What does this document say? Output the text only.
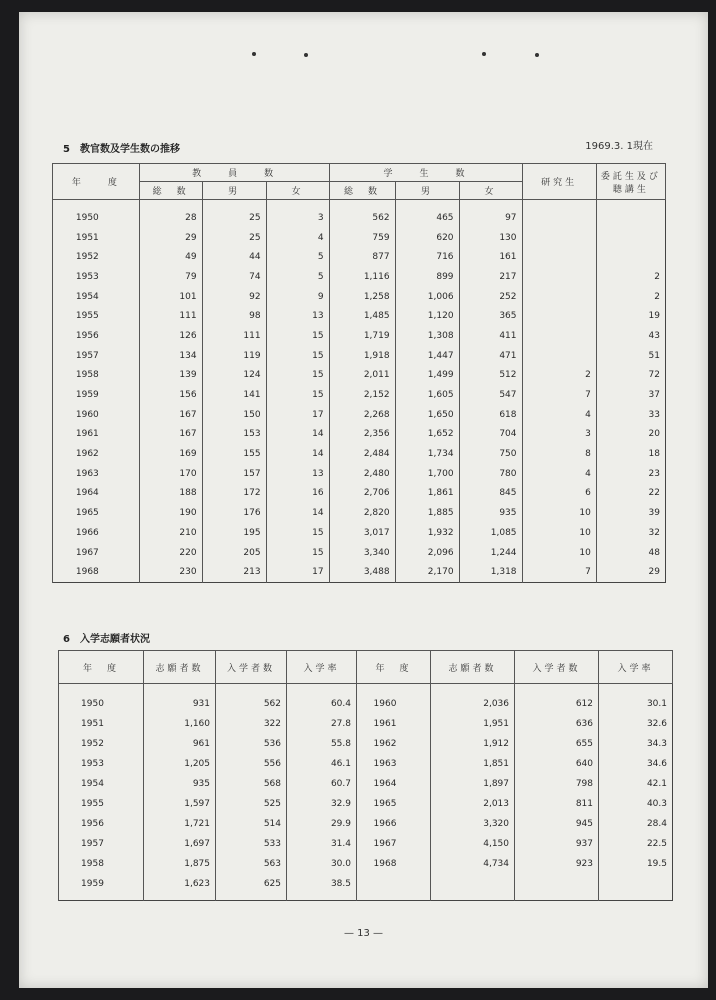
5　教官数及学生数の推移	1969.3. 1現在
年　　度	教　　員　　数			学　　生　　数			研究生	委託生及び聴講生
	総　数	男	女	総　数	男	女		
1950	28	25	3	562	465	97		
1951	29	25	4	759	620	130		
1952	49	44	5	877	716	161		
1953	79	74	5	1,116	899	217		2
1954	101	92	9	1,258	1,006	252		2
1955	111	98	13	1,485	1,120	365		19
1956	126	111	15	1,719	1,308	411		43
1957	134	119	15	1,918	1,447	471		51
1958	139	124	15	2,011	1,499	512	2	72
1959	156	141	15	2,152	1,605	547	7	37
1960	167	150	17	2,268	1,650	618	4	33
1961	167	153	14	2,356	1,652	704	3	20
1962	169	155	14	2,484	1,734	750	8	18
1963	170	157	13	2,480	1,700	780	4	23
1964	188	172	16	2,706	1,861	845	6	22
1965	190	176	14	2,820	1,885	935	10	39
1966	210	195	15	3,017	1,932	1,085	10	32
1967	220	205	15	3,340	2,096	1,244	10	48
1968	230	213	17	3,488	2,170	1,318	7	29
6　入学志願者状況
年　度	志願者数	入学者数	入学率	年　度	志願者数	入学者数	入学率
1950	931	562	60.4	1960	2,036	612	30.1
1951	1,160	322	27.8	1961	1,951	636	32.6
1952	961	536	55.8	1962	1,912	655	34.3
1953	1,205	556	46.1	1963	1,851	640	34.6
1954	935	568	60.7	1964	1,897	798	42.1
1955	1,597	525	32.9	1965	2,013	811	40.3
1956	1,721	514	29.9	1966	3,320	945	28.4
1957	1,697	533	31.4	1967	4,150	937	22.5
1958	1,875	563	30.0	1968	4,734	923	19.5
1959	1,623	625	38.5				
— 13 —
